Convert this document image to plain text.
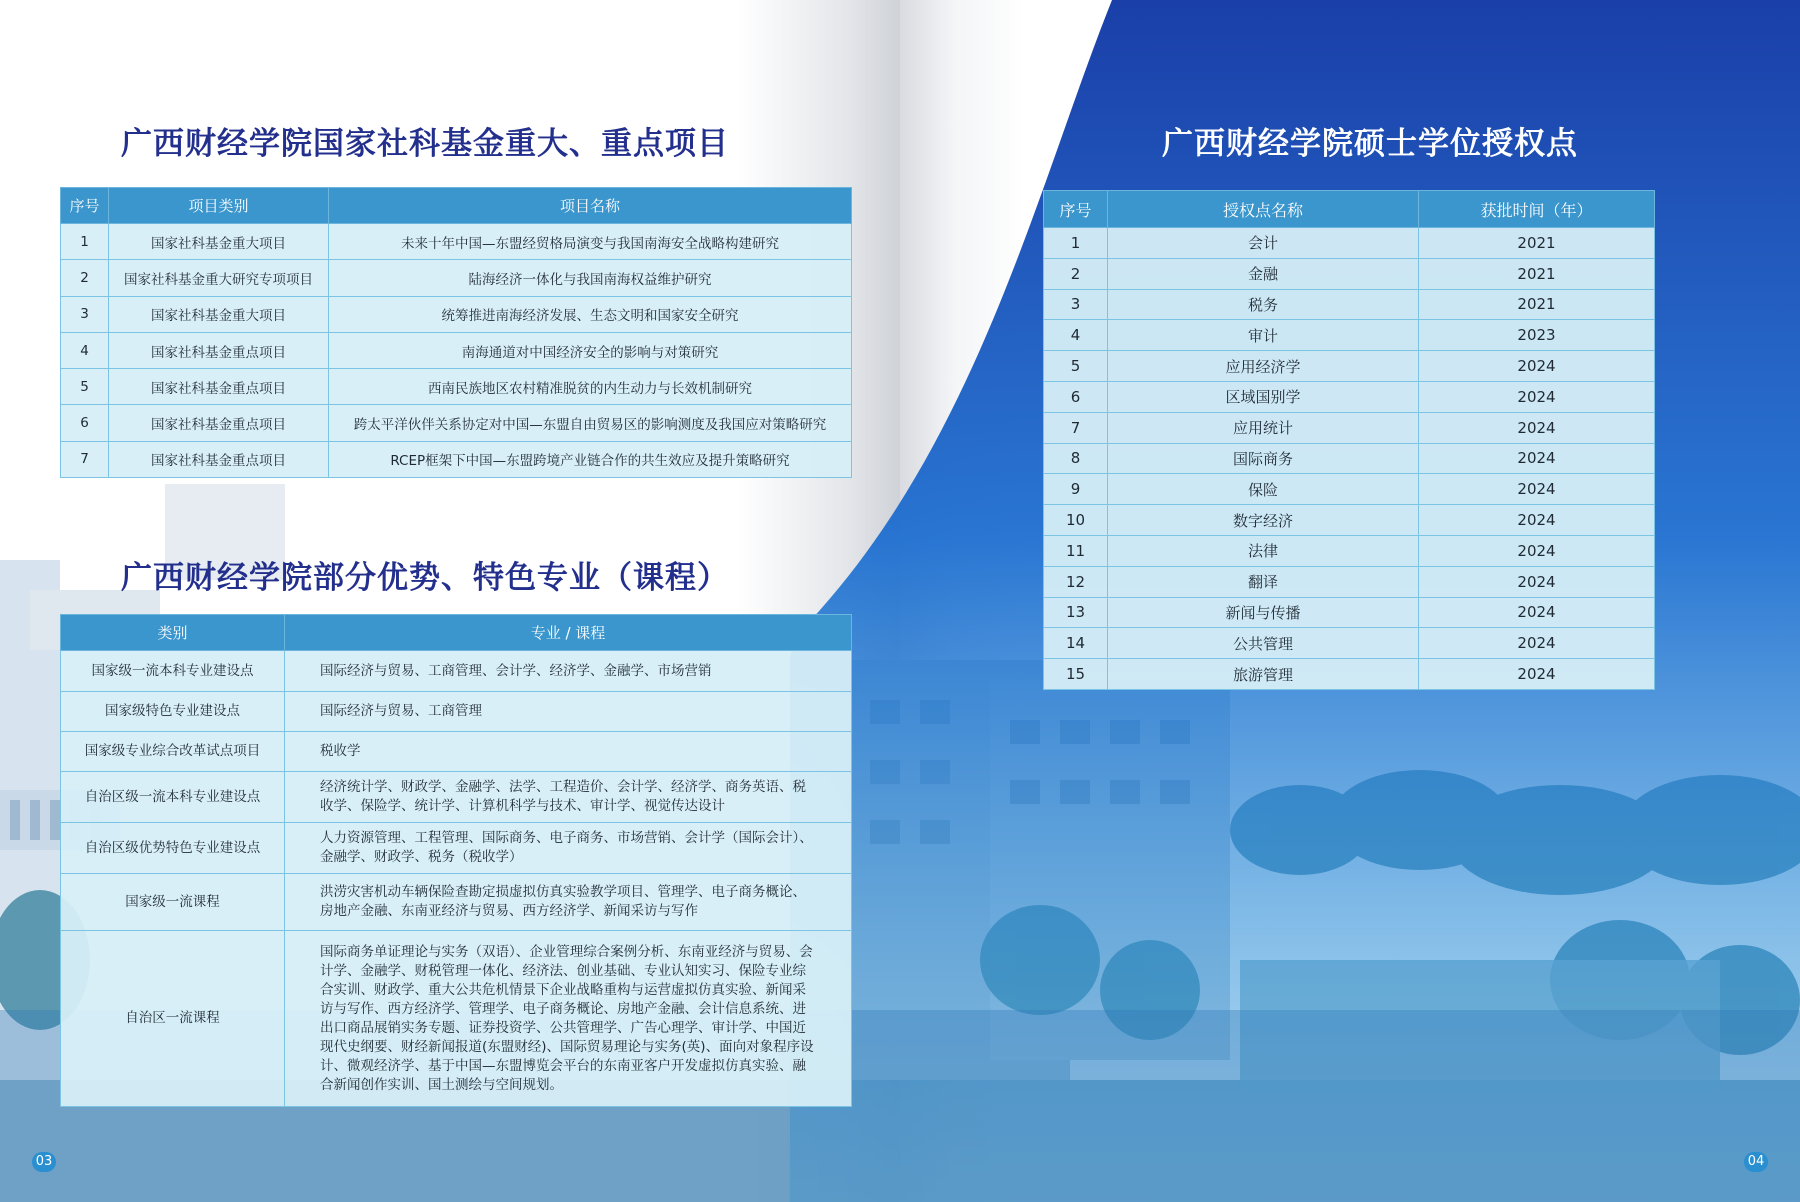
广西财经学院国家社科基金重大、重点项目
序号	项目类别	项目名称
1	国家社科基金重大项目	未来十年中国—东盟经贸格局演变与我国南海安全战略构建研究
2	国家社科基金重大研究专项项目	陆海经济一体化与我国南海权益维护研究
3	国家社科基金重大项目	统筹推进南海经济发展、生态文明和国家安全研究
4	国家社科基金重点项目	南海通道对中国经济安全的影响与对策研究
5	国家社科基金重点项目	西南民族地区农村精准脱贫的内生动力与长效机制研究
6	国家社科基金重点项目	跨太平洋伙伴关系协定对中国—东盟自由贸易区的影响测度及我国应对策略研究
7	国家社科基金重点项目	RCEP框架下中国—东盟跨境产业链合作的共生效应及提升策略研究
广西财经学院部分优势、特色专业（课程）
类别	专业 / 课程
国家级一流本科专业建设点	国际经济与贸易、工商管理、会计学、经济学、金融学、市场营销
国家级特色专业建设点	国际经济与贸易、工商管理
国家级专业综合改革试点项目	税收学
自治区级一流本科专业建设点	经济统计学、财政学、金融学、法学、工程造价、会计学、经济学、商务英语、税收学、保险学、统计学、计算机科学与技术、审计学、视觉传达设计
自治区级优势特色专业建设点	人力资源管理、工程管理、国际商务、电子商务、市场营销、会计学（国际会计）、金融学、财政学、税务（税收学）
国家级一流课程	洪涝灾害机动车辆保险查勘定损虚拟仿真实验教学项目、管理学、电子商务概论、房地产金融、东南亚经济与贸易、西方经济学、新闻采访与写作
自治区一流课程	国际商务单证理论与实务（双语）、企业管理综合案例分析、东南亚经济与贸易、会计学、金融学、财税管理一体化、经济法、创业基础、专业认知实习、保险专业综合实训、财政学、重大公共危机情景下企业战略重构与运营虚拟仿真实验、新闻采访与写作、西方经济学、管理学、电子商务概论、房地产金融、会计信息系统、进出口商品展销实务专题、证券投资学、公共管理学、广告心理学、审计学、中国近现代史纲要、财经新闻报道(东盟财经)、国际贸易理论与实务(英)、面向对象程序设计、微观经济学、基于中国—东盟博览会平台的东南亚客户开发虚拟仿真实验、融合新闻创作实训、国土测绘与空间规划。
03
广西财经学院硕士学位授权点
序号	授权点名称	获批时间（年）
1	会计	2021
2	金融	2021
3	税务	2021
4	审计	2023
5	应用经济学	2024
6	区域国别学	2024
7	应用统计	2024
8	国际商务	2024
9	保险	2024
10	数字经济	2024
11	法律	2024
12	翻译	2024
13	新闻与传播	2024
14	公共管理	2024
15	旅游管理	2024
04
